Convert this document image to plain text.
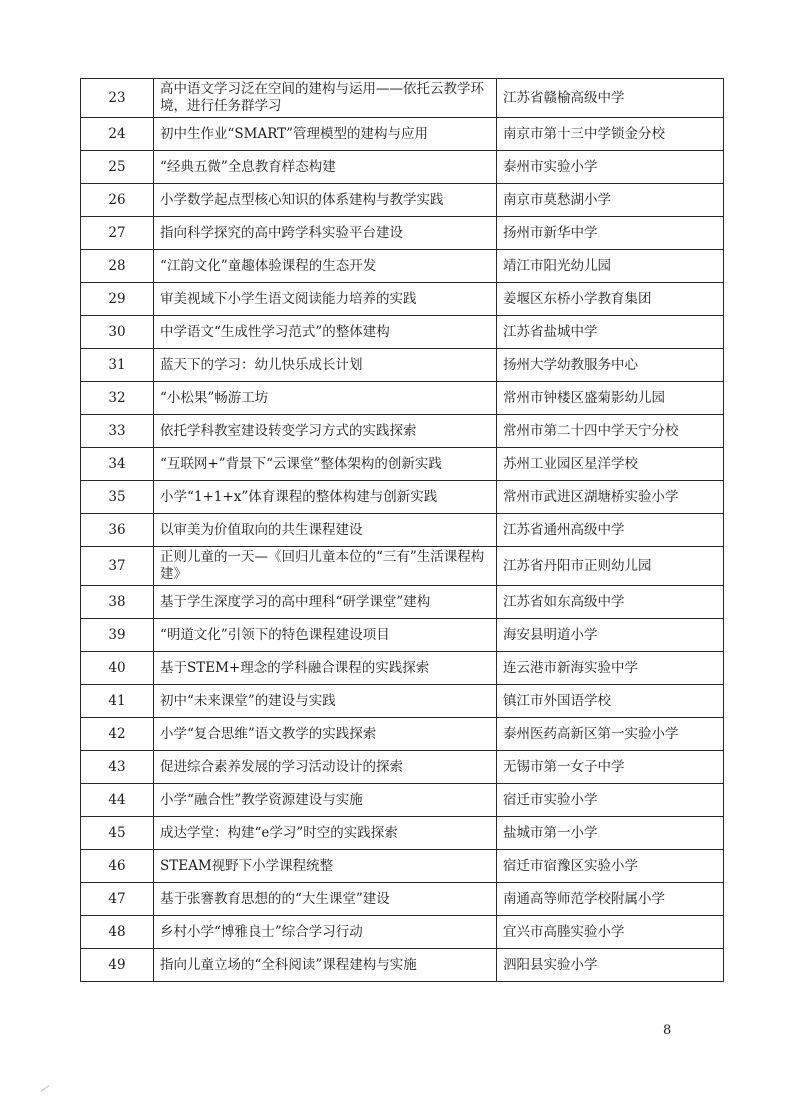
23	高中语文学习泛在空间的建构与运用——依托云教学环境，进行任务群学习	江苏省赣榆高级中学
24	初中生作业“SMART”管理模型的建构与应用	南京市第十三中学锁金分校
25	“经典五微”全息教育样态构建	泰州市实验小学
26	小学数学起点型核心知识的体系建构与教学实践	南京市莫愁湖小学
27	指向科学探究的高中跨学科实验平台建设	扬州市新华中学
28	“江韵文化”童趣体验课程的生态开发	靖江市阳光幼儿园
29	审美视域下小学生语文阅读能力培养的实践	姜堰区东桥小学教育集团
30	中学语文“生成性学习范式”的整体建构	江苏省盐城中学
31	蓝天下的学习：幼儿快乐成长计划	扬州大学幼教服务中心
32	“小松果”畅游工坊	常州市钟楼区盛菊影幼儿园
33	依托学科教室建设转变学习方式的实践探索	常州市第二十四中学天宁分校
34	“互联网+”背景下“云课堂”整体架构的创新实践	苏州工业园区星洋学校
35	小学“1+1+x”体育课程的整体构建与创新实践	常州市武进区湖塘桥实验小学
36	以审美为价值取向的共生课程建设	江苏省通州高级中学
37	正则儿童的一天—《回归儿童本位的“三有”生活课程构建》	江苏省丹阳市正则幼儿园
38	基于学生深度学习的高中理科“研学课堂”建构	江苏省如东高级中学
39	“明道文化”引领下的特色课程建设项目	海安县明道小学
40	基于STEM+理念的学科融合课程的实践探索	连云港市新海实验中学
41	初中“未来课堂”的建设与实践	镇江市外国语学校
42	小学“复合思维”语文教学的实践探索	泰州医药高新区第一实验小学
43	促进综合素养发展的学习活动设计的探索	无锡市第一女子中学
44	小学“融合性”教学资源建设与实施	宿迁市实验小学
45	成达学堂：构建“e学习”时空的实践探索	盐城市第一小学
46	STEAM视野下小学课程统整	宿迁市宿豫区实验小学
47	基于张謇教育思想的的“大生课堂”建设	南通高等师范学校附属小学
48	乡村小学“博雅良士”综合学习行动	宜兴市高塍实验小学
49	指向儿童立场的“全科阅读”课程建构与实施	泗阳县实验小学
8
